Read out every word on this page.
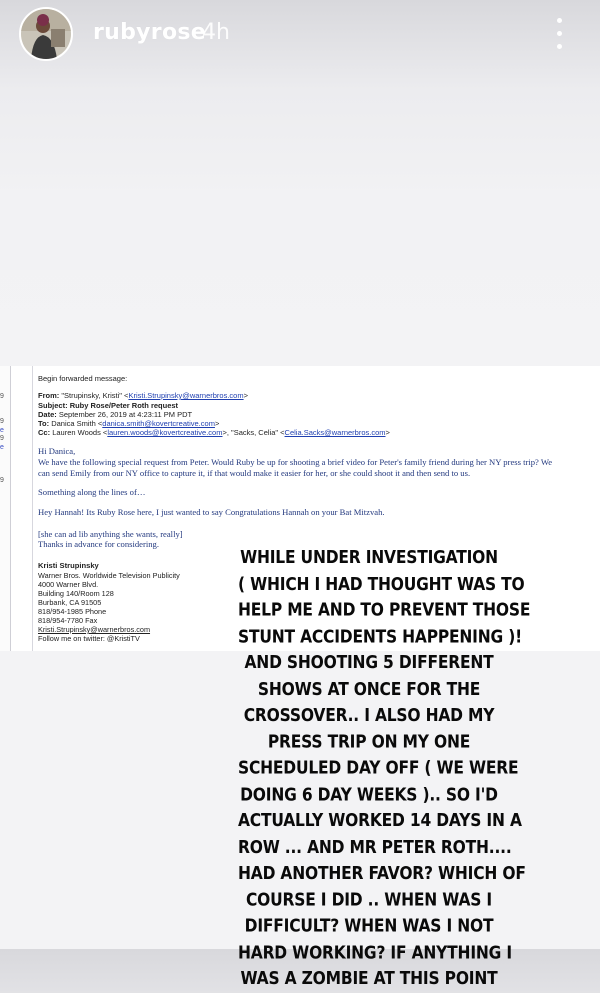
rubyrose
4h
9
9
e
9
e
9
Begin forwarded message:
From: "Strupinsky, Kristi" <Kristi.Strupinsky@warnerbros.com>
Subject: Ruby Rose/Peter Roth request
Date: September 26, 2019 at 4:23:11 PM PDT
To: Danica Smith <danica.smith@kovertcreative.com>
Cc: Lauren Woods <lauren.woods@kovertcreative.com>, "Sacks, Celia" <Celia.Sacks@warnerbros.com>
Hi Danica,
We have the following special request from Peter. Would Ruby be up for shooting a brief video for Peter's family friend during her NY press trip? We
can send Emily from our NY office to capture it, if that would make it easier for her, or she could shoot it and then send to us.
Something along the lines of…
Hey Hannah! Its Ruby Rose here, I just wanted to say Congratulations Hannah on your Bat Mitzvah.
[she can ad lib anything she wants, really]
Thanks in advance for considering.
Kristi Strupinsky
Warner Bros. Worldwide Television Publicity
4000 Warner Blvd.
Building 140/Room 128
Burbank, CA 91505
818/954-1985 Phone
818/954-7780 Fax
Kristi.Strupinsky@warnerbros.com
Follow me on twitter: @KristiTV
WHILE UNDER INVESTIGATION
( WHICH I HAD THOUGHT WAS TO
HELP ME AND TO PREVENT THOSE
STUNT ACCIDENTS HAPPENING )!
AND SHOOTING 5 DIFFERENT
SHOWS AT ONCE FOR THE
CROSSOVER.. I ALSO HAD MY
PRESS TRIP ON MY ONE
SCHEDULED DAY OFF ( WE WERE
DOING 6 DAY WEEKS ).. SO I'D
ACTUALLY WORKED 14 DAYS IN A
ROW ... AND MR PETER ROTH....
HAD ANOTHER FAVOR? WHICH OF
COURSE I DID .. WHEN WAS I
DIFFICULT? WHEN WAS I NOT
HARD WORKING? IF ANYTHING I
WAS A ZOMBIE AT THIS POINT
